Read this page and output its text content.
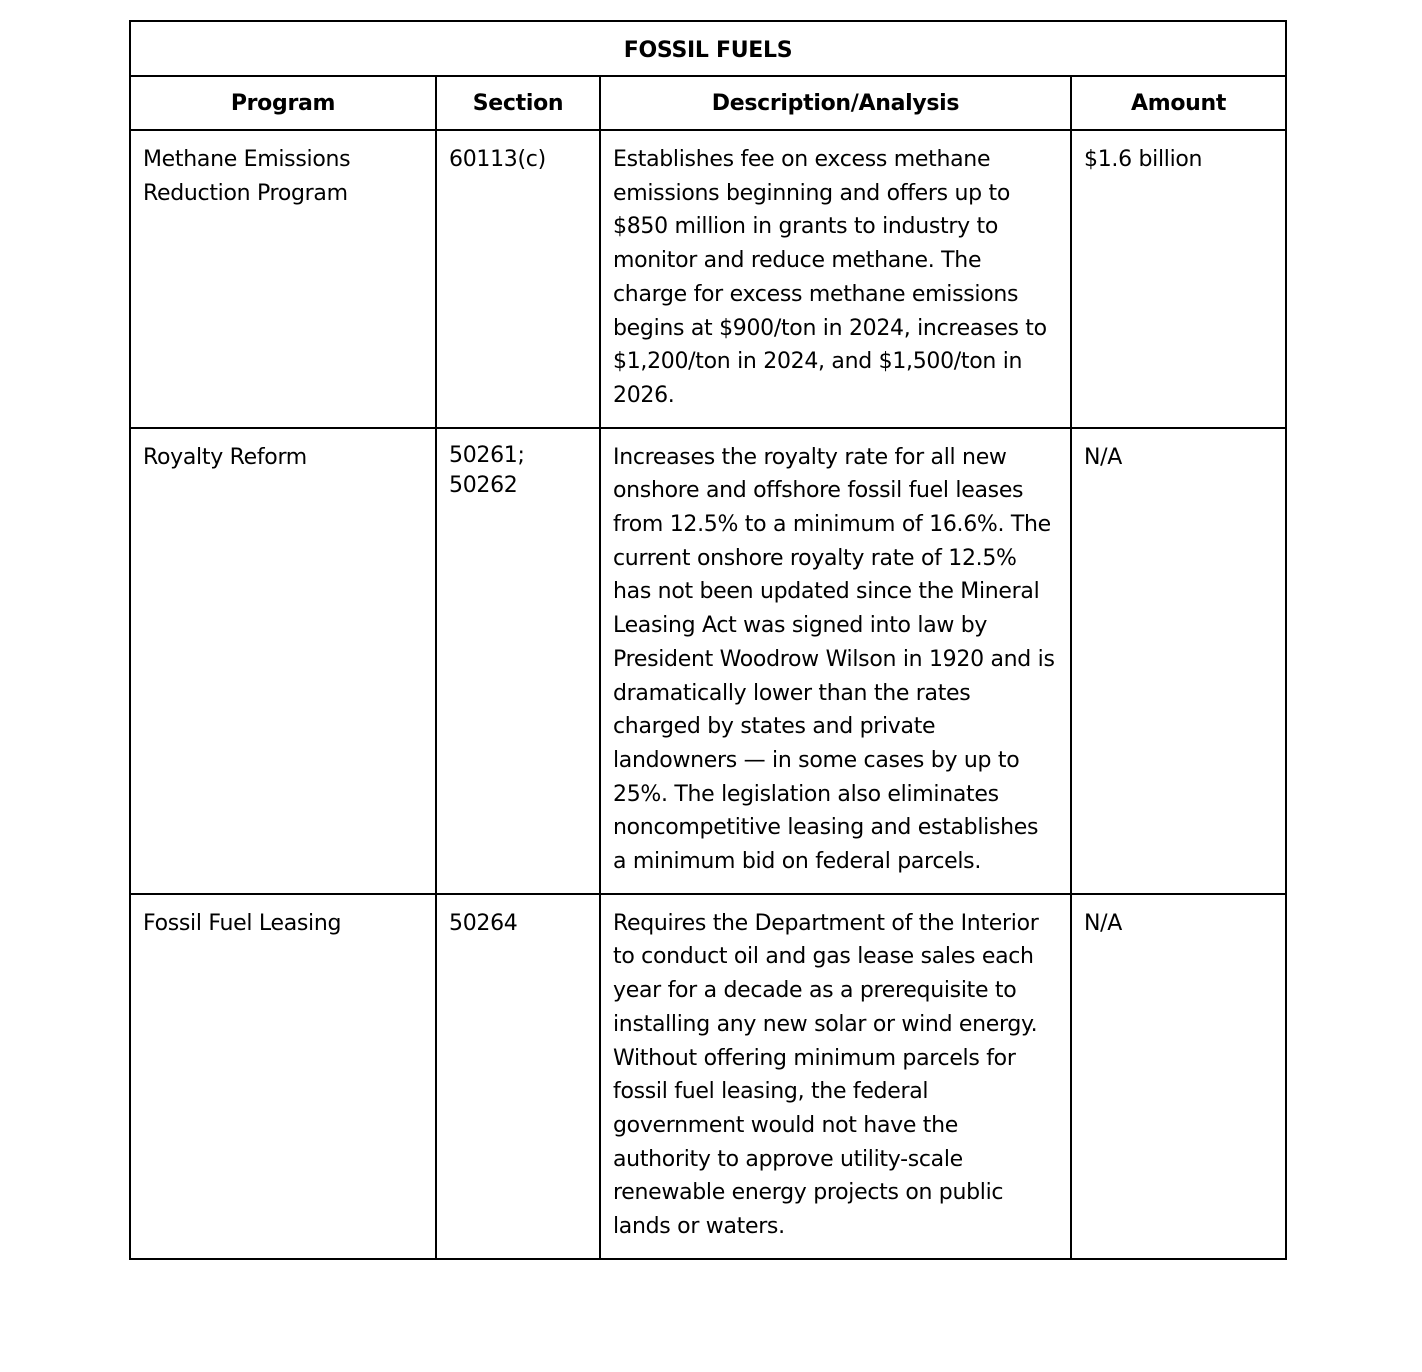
FOSSIL FUELS			
Program	Section	Description/Analysis	Amount
Methane Emissions Reduction Program	60113(c)	Establishes fee on excess methane emissions beginning and offers up to $850 million in grants to industry to monitor and reduce methane. The charge for excess methane emissions begins at $900/ton in 2024, increases to $1,200/ton in 2024, and $1,500/ton in 2026.	$1.6 billion
Royalty Reform	50261; 50262	Increases the royalty rate for all new onshore and offshore fossil fuel leases from 12.5% to a minimum of 16.6%. The current onshore royalty rate of 12.5% has not been updated since the Mineral Leasing Act was signed into law by President Woodrow Wilson in 1920 and is dramatically lower than the rates charged by states and private landowners — in some cases by up to 25%. The legislation also eliminates noncompetitive leasing and establishes a minimum bid on federal parcels.	N/A
Fossil Fuel Leasing	50264	Requires the Department of the Interior to conduct oil and gas lease sales each year for a decade as a prerequisite to installing any new solar or wind energy. Without offering minimum parcels for fossil fuel leasing, the federal government would not have the authority to approve utility-scale renewable energy projects on public lands or waters.	N/A
